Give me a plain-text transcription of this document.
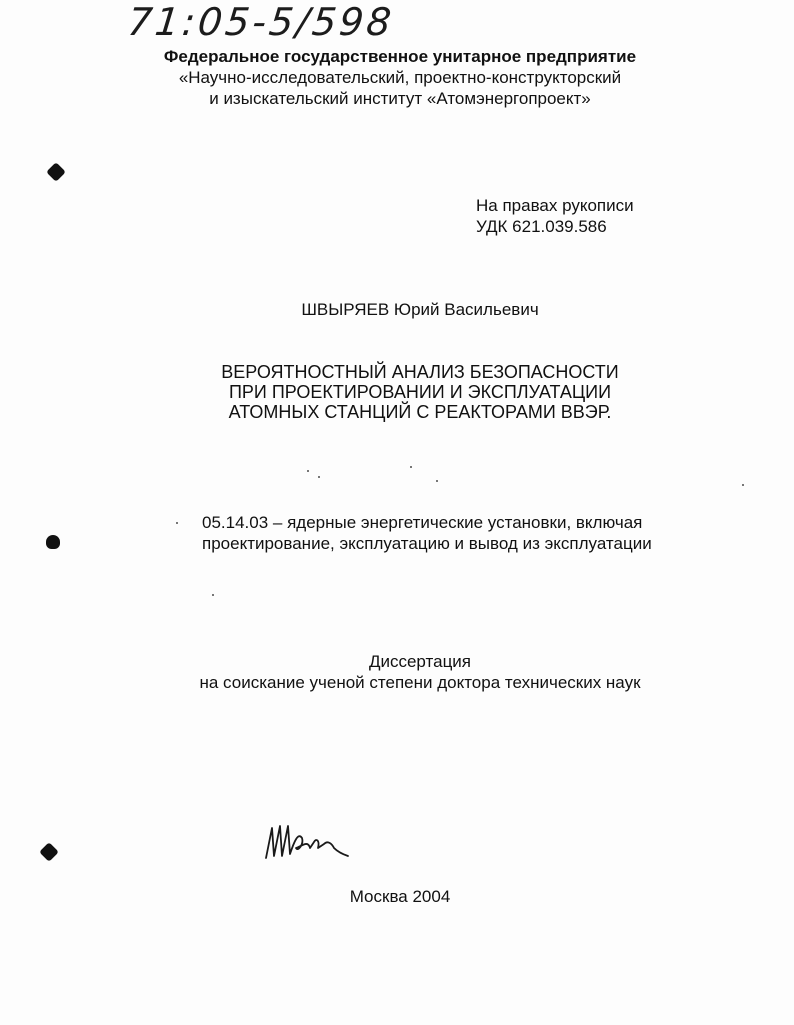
71:05-5/598
Федеральное государственное унитарное предприятие
«Научно-исследовательский, проектно-конструкторский
и изыскательский институт «Атомэнергопроект»
На правах рукописи
УДК 621.039.586
ШВЫРЯЕВ Юрий Васильевич
ВЕРОЯТНОСТНЫЙ АНАЛИЗ БЕЗОПАСНОСТИ
ПРИ ПРОЕКТИРОВАНИИ И ЭКСПЛУАТАЦИИ
АТОМНЫХ СТАНЦИЙ С РЕАКТОРАМИ ВВЭР.
05.14.03 – ядерные энергетические установки, включая
проектирование, эксплуатацию и вывод из эксплуатации
Диссертация
на соискание ученой степени доктора технических наук
Москва 2004
